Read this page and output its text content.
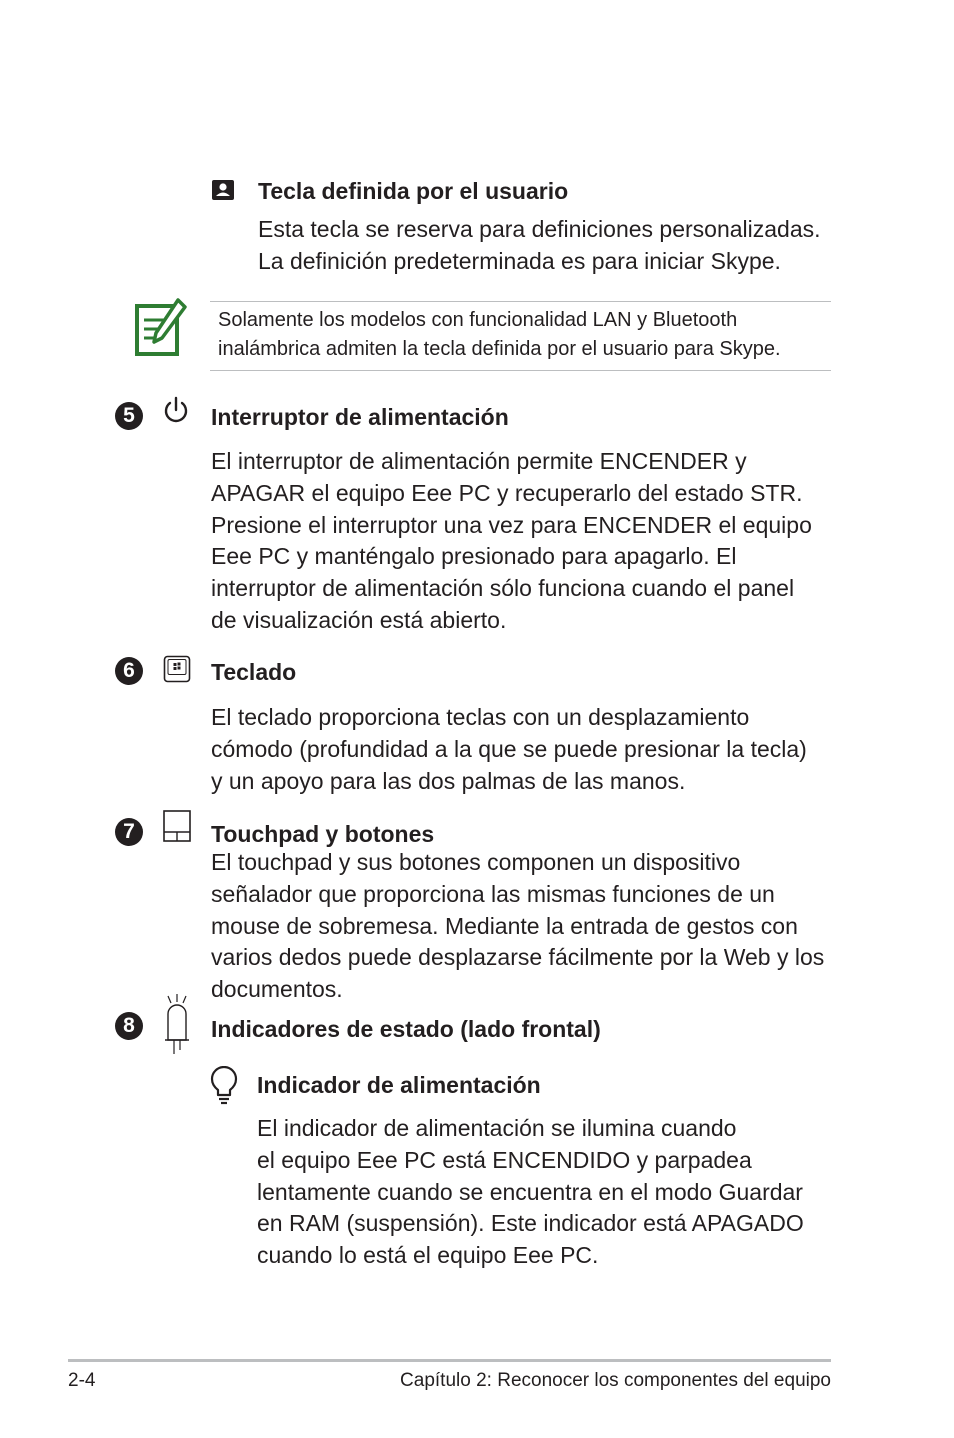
Tecla definida por el usuario
Esta tecla se reserva para definiciones personalizadas.
La definición predeterminada es para iniciar Skype.
Solamente los modelos con funcionalidad LAN y Bluetooth
inalámbrica admiten la tecla definida por el usuario para Skype.
5	Interruptor de alimentación
El interruptor de alimentación permite ENCENDER y
APAGAR el equipo Eee PC y recuperarlo del estado STR.
Presione el interruptor una vez para ENCENDER el equipo
Eee PC y manténgalo presionado para apagarlo. El
interruptor de alimentación sólo funciona cuando el panel
de visualización está abierto.
6	Teclado
El teclado proporciona teclas con un desplazamiento
cómodo (profundidad a la que se puede presionar la tecla)
y un apoyo para las dos palmas de las manos.
7	Touchpad y botones
El touchpad y sus botones componen un dispositivo
señalador que proporciona las mismas funciones de un
mouse de sobremesa. Mediante la entrada de gestos con
varios dedos puede desplazarse fácilmente por la Web y los
documentos.
8	Indicadores de estado (lado frontal)
Indicador de alimentación
El indicador de alimentación se ilumina cuando
el equipo Eee PC está ENCENDIDO y parpadea
lentamente cuando se encuentra en el modo Guardar
en RAM (suspensión). Este indicador está APAGADO
cuando lo está el equipo Eee PC.
2-4	Capítulo 2: Reconocer los componentes del equipo
